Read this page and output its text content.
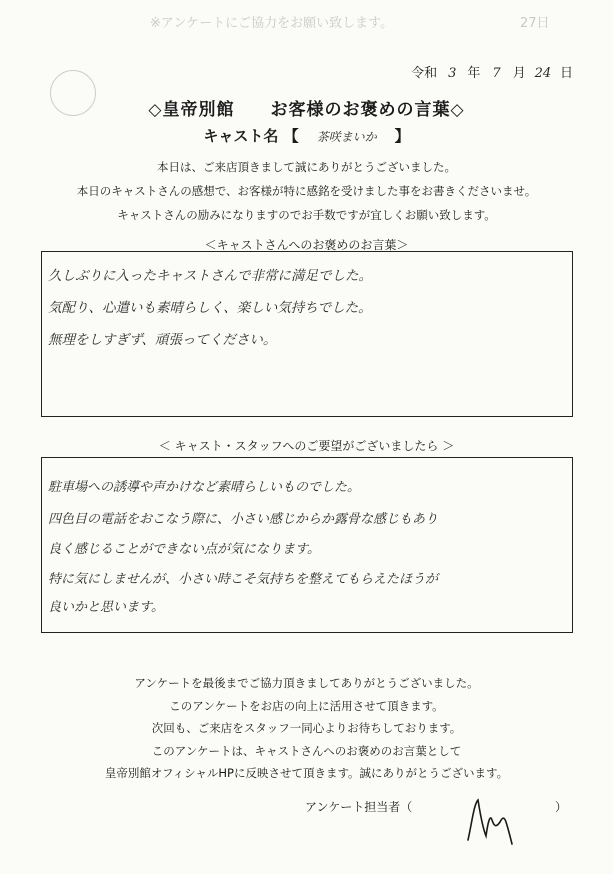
※アンケートにご協力をお願い致します。	27日
令和 3 年 7 月 24 日
◇皇帝別館　　お客様のお褒めの言葉◇
キャスト名 【 茶咲まいか 】
本日は、ご来店頂きまして誠にありがとうございました。
本日のキャストさんの感想で、お客様が特に感銘を受けました事をお書きくださいませ。
キャストさんの励みになりますのでお手数ですが宜しくお願い致します。
＜キャストさんへのお褒めのお言葉＞
久しぶりに入ったキャストさんで非常に満足でした。
気配り、心遣いも素晴らしく、楽しい気持ちでした。
無理をしすぎず、頑張ってください。
＜ キャスト・スタッフへのご要望がございましたら ＞
駐車場への誘導や声かけなど素晴らしいものでした。
四色目の電話をおこなう際に、小さい感じからか露骨な感じもあり
良く感じることができない点が気になります。
特に気にしませんが、小さい時こそ気持ちを整えてもらえたほうが
良いかと思います。
アンケートを最後までご協力頂きましてありがとうございました。
このアンケートをお店の向上に活用させて頂きます。
次回も、ご来店をスタッフ一同心よりお待ちしております。
このアンケートは、キャストさんへのお褒めのお言葉として
皇帝別館オフィシャルHPに反映させて頂きます。誠にありがとうございます。
アンケート担当者（	）
